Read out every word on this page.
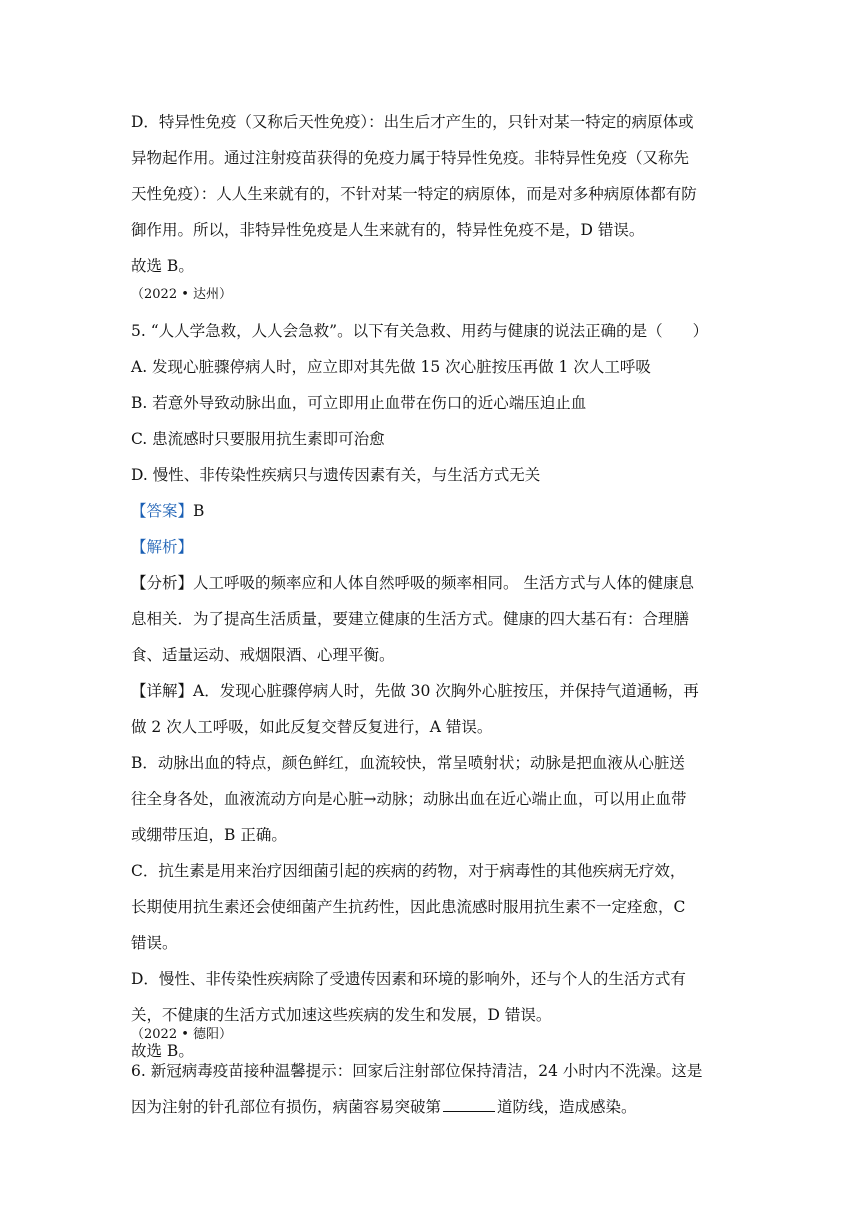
D．特异性免疫（又称后天性免疫）：出生后才产生的，只针对某一特定的病原体或

异物起作用。通过注射疫苗获得的免疫力属于特异性免疫。非特异性免疫（又称先

天性免疫）：人人生来就有的，不针对某一特定的病原体，而是对多种病原体都有防

御作用。所以，非特异性免疫是人生来就有的，特异性免疫不是，D 错误。

故选 B。

（2022 • 达州）

5. “人人学急救，人人会急救”。以下有关急救、用药与健康的说法正确的是（ ）

A. 发现心脏骤停病人时，应立即对其先做 15 次心脏按压再做 1 次人工呼吸

B. 若意外导致动脉出血，可立即用止血带在伤口的近心端压迫止血

C. 患流感时只要服用抗生素即可治愈

D. 慢性、非传染性疾病只与遗传因素有关，与生活方式无关

【答案】B

【解析】

【分析】人工呼吸的频率应和人体自然呼吸的频率相同。 生活方式与人体的健康息

息相关．为了提高生活质量，要建立健康的生活方式。健康的四大基石有：合理膳

食、适量运动、戒烟限酒、心理平衡。

【详解】A．发现心脏骤停病人时，先做 30 次胸外心脏按压，并保持气道通畅，再

做 2 次人工呼吸，如此反复交替反复进行，A 错误。

B．动脉出血的特点，颜色鲜红，血流较快，常呈喷射状；动脉是把血液从心脏送

往全身各处，血液流动方向是心脏→动脉；动脉出血在近心端止血，可以用止血带

或绷带压迫，B 正确。

C．抗生素是用来治疗因细菌引起的疾病的药物，对于病毒性的其他疾病无疗效，

长期使用抗生素还会使细菌产生抗药性，因此患流感时服用抗生素不一定痊愈，C

错误。

D．慢性、非传染性疾病除了受遗传因素和环境的影响外，还与个人的生活方式有

关，不健康的生活方式加速这些疾病的发生和发展，D 错误。

故选 B。

（2022 • 德阳）

6. 新冠病毒疫苗接种温馨提示：回家后注射部位保持清洁，24 小时内不洗澡。这是

因为注射的针孔部位有损伤，病菌容易突破第	道防线，造成感染。
